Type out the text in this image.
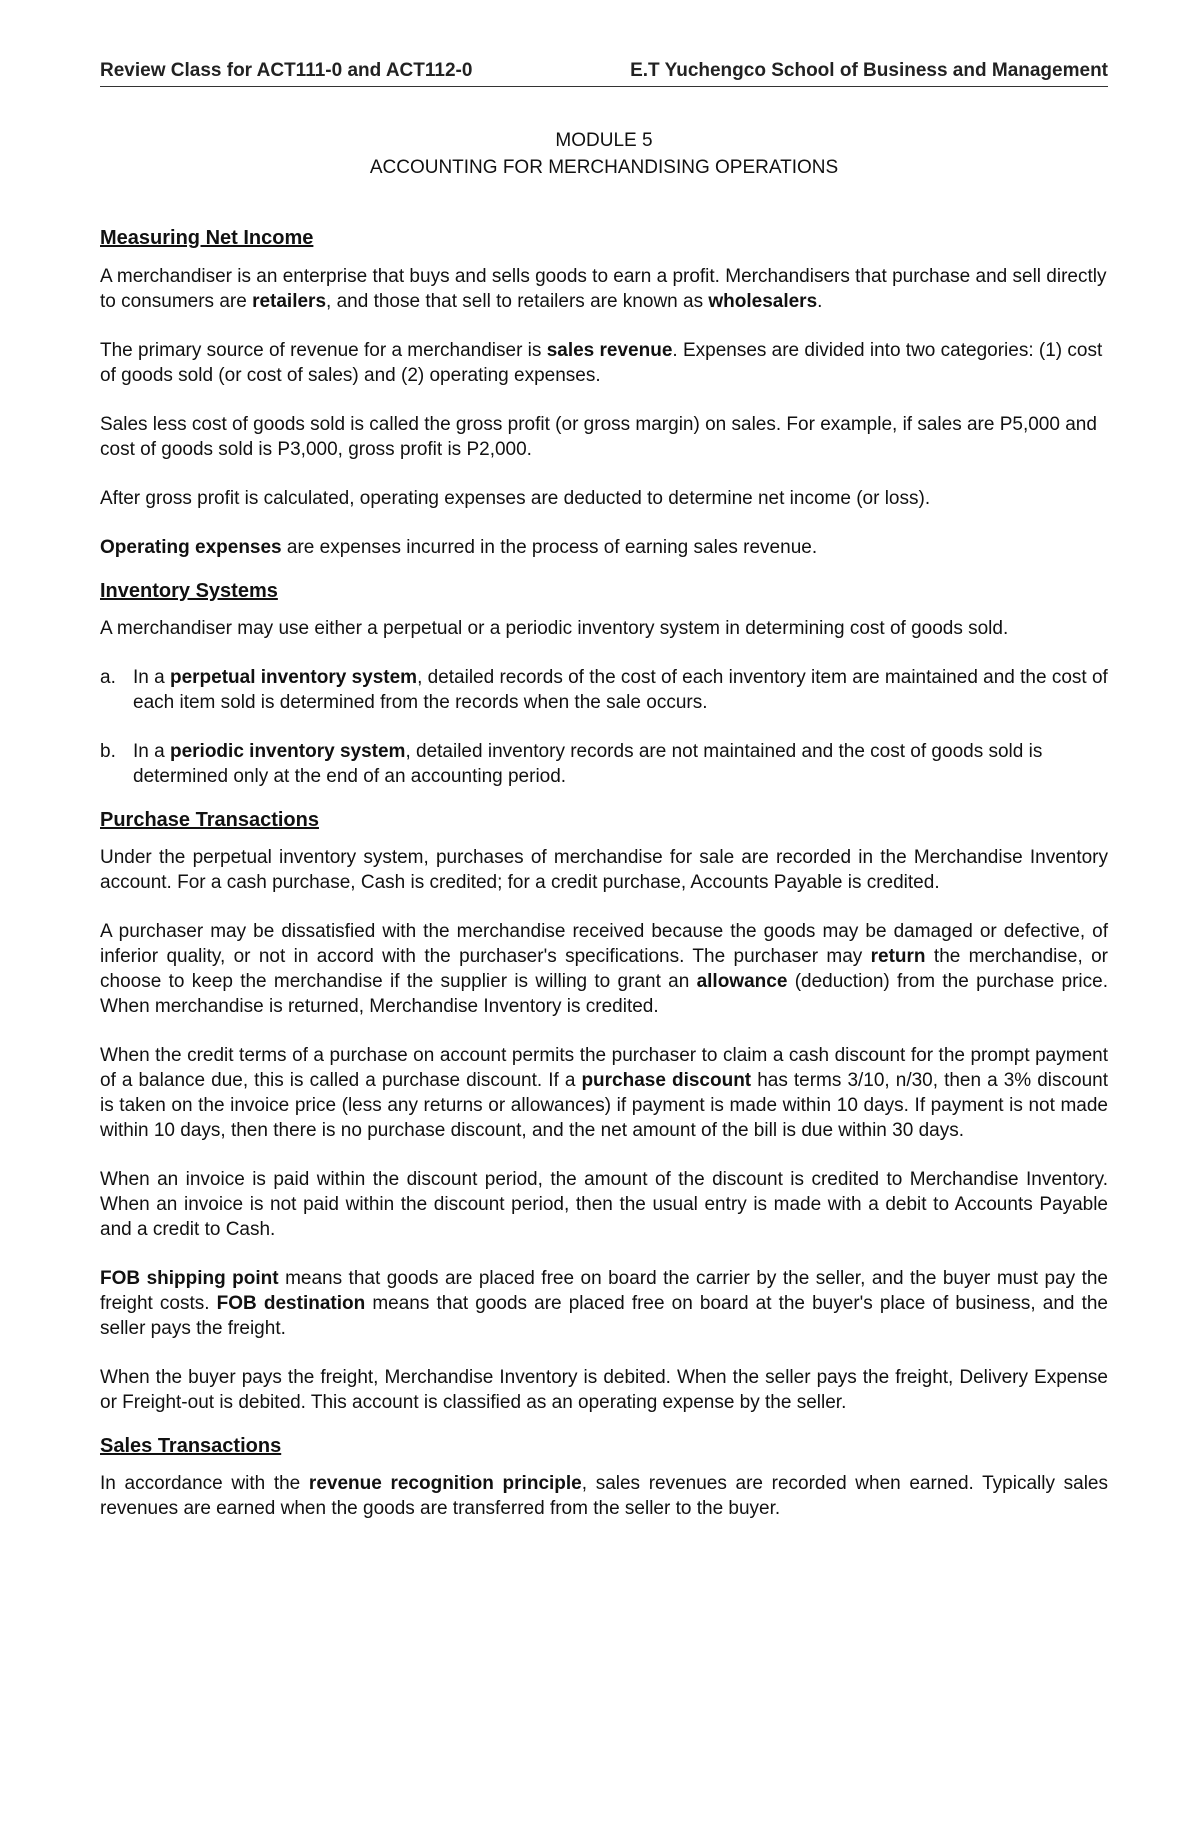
Review Class for ACT111-0 and ACT112-0	E.T Yuchengco School of Business and Management
MODULE 5
ACCOUNTING FOR MERCHANDISING OPERATIONS
Measuring Net Income

A merchandiser is an enterprise that buys and sells goods to earn a profit. Merchandisers that purchase and sell directly to consumers are retailers, and those that sell to retailers are known as wholesalers.

The primary source of revenue for a merchandiser is sales revenue. Expenses are divided into two categories: (1) cost of goods sold (or cost of sales) and (2) operating expenses.

Sales less cost of goods sold is called the gross profit (or gross margin) on sales. For example, if sales are P5,000 and cost of goods sold is P3,000, gross profit is P2,000.

After gross profit is calculated, operating expenses are deducted to determine net income (or loss).

Operating expenses are expenses incurred in the process of earning sales revenue.

Inventory Systems

A merchandiser may use either a perpetual or a periodic inventory system in determining cost of goods sold.

a. In a perpetual inventory system, detailed records of the cost of each inventory item are maintained and the cost of each item sold is determined from the records when the sale occurs.
b. In a periodic inventory system, detailed inventory records are not maintained and the cost of goods sold is determined only at the end of an accounting period.
Purchase Transactions

Under the perpetual inventory system, purchases of merchandise for sale are recorded in the Merchandise Inventory account. For a cash purchase, Cash is credited; for a credit purchase, Accounts Payable is credited.

A purchaser may be dissatisfied with the merchandise received because the goods may be damaged or defective, of inferior quality, or not in accord with the purchaser's specifications. The purchaser may return the merchandise, or choose to keep the merchandise if the supplier is willing to grant an allowance (deduction) from the purchase price. When merchandise is returned, Merchandise Inventory is credited.

When the credit terms of a purchase on account permits the purchaser to claim a cash discount for the prompt payment of a balance due, this is called a purchase discount. If a purchase discount has terms 3/10, n/30, then a 3% discount is taken on the invoice price (less any returns or allowances) if payment is made within 10 days. If payment is not made within 10 days, then there is no purchase discount, and the net amount of the bill is due within 30 days.

When an invoice is paid within the discount period, the amount of the discount is credited to Merchandise Inventory. When an invoice is not paid within the discount period, then the usual entry is made with a debit to Accounts Payable and a credit to Cash.

FOB shipping point means that goods are placed free on board the carrier by the seller, and the buyer must pay the freight costs. FOB destination means that goods are placed free on board at the buyer's place of business, and the seller pays the freight.

When the buyer pays the freight, Merchandise Inventory is debited. When the seller pays the freight, Delivery Expense or Freight-out is debited. This account is classified as an operating expense by the seller.

Sales Transactions

In accordance with the revenue recognition principle, sales revenues are recorded when earned. Typically sales revenues are earned when the goods are transferred from the seller to the buyer.
